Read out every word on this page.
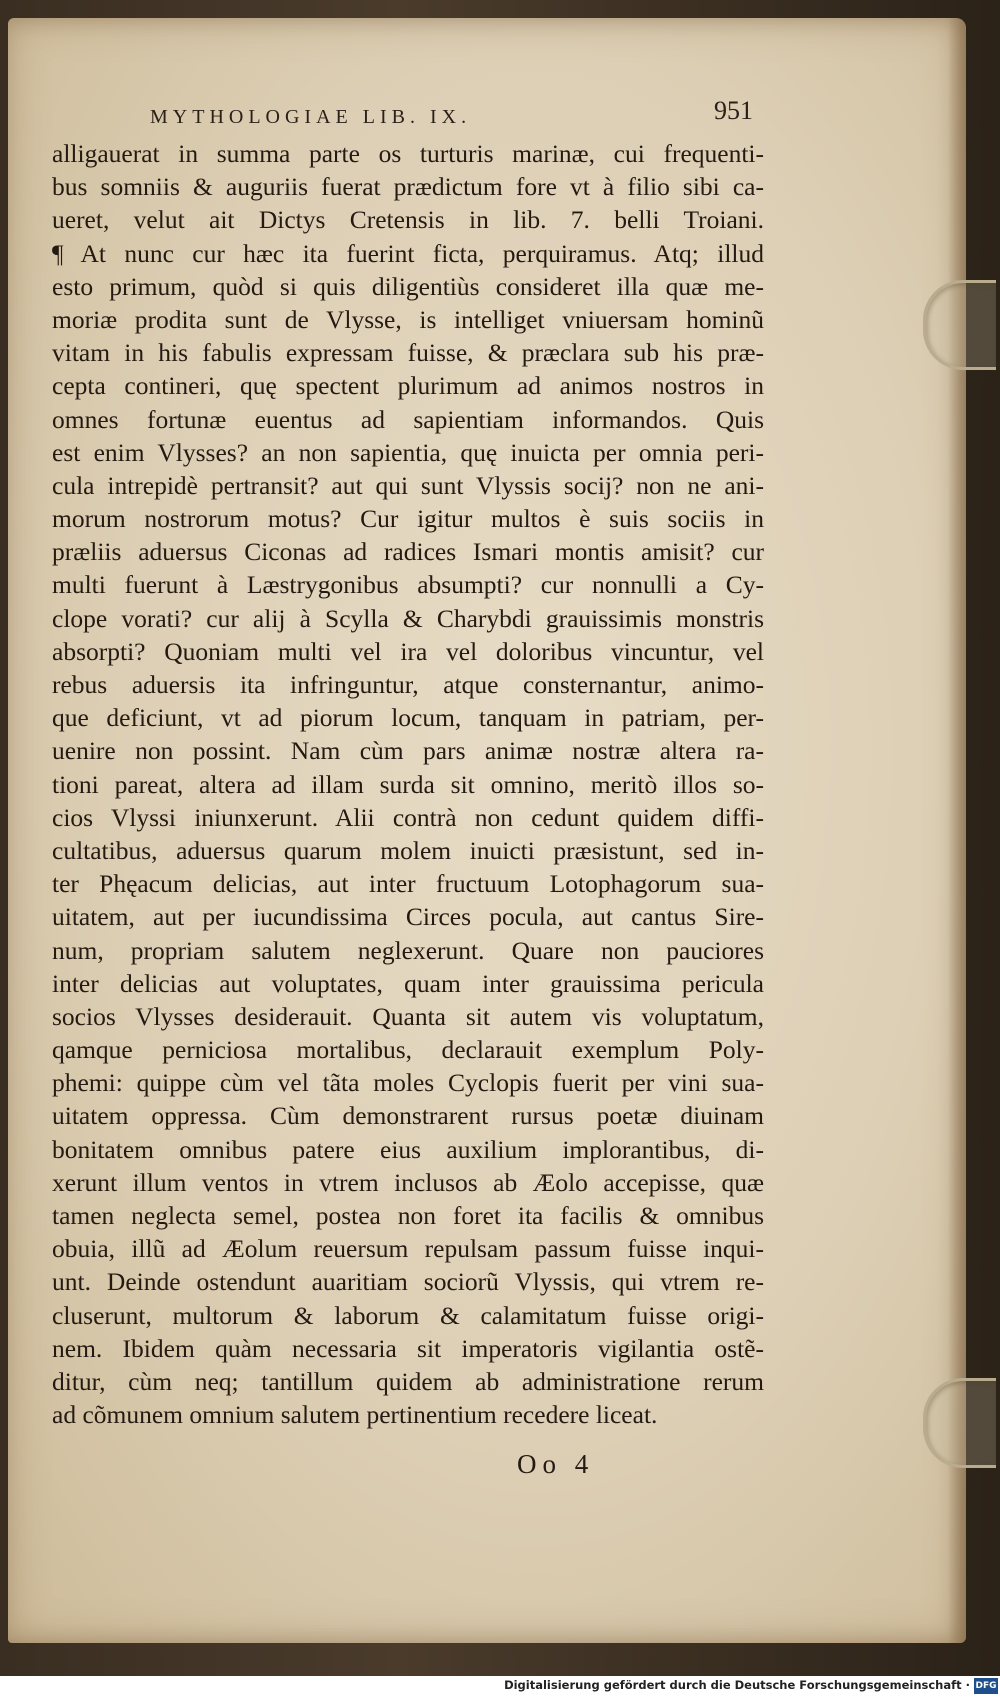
MYTHOLOGIAE LIB. IX.	951
alligauerat in summa parte os turturis marinæ, cui frequenti-
bus somniis & auguriis fuerat prædictum fore vt à filio sibi ca-
ueret, velut ait Dictys Cretensis in lib. 7. belli Troiani.
¶ At nunc cur hæc ita fuerint ficta, perquiramus. Atq; illud
esto primum, quòd si quis diligentiùs consideret illa quæ me-
moriæ prodita sunt de Vlysse, is intelliget vniuersam hominũ
vitam in his fabulis expressam fuisse, & præclara sub his præ-
cepta contineri, quę spectent plurimum ad animos nostros in
omnes fortunæ euentus ad sapientiam informandos. Quis
est enim Vlysses? an non sapientia, quę inuicta per omnia peri-
cula intrepidè pertransit? aut qui sunt Vlyssis socij? non ne ani-
morum nostrorum motus? Cur igitur multos è suis sociis in
præliis aduersus Ciconas ad radices Ismari montis amisit? cur
multi fuerunt à Læstrygonibus absumpti? cur nonnulli a Cy-
clope vorati? cur alij à Scylla & Charybdi grauissimis monstris
absorpti? Quoniam multi vel ira vel doloribus vincuntur, vel
rebus aduersis ita infringuntur, atque consternantur, animo-
que deficiunt, vt ad piorum locum, tanquam in patriam, per-
uenire non possint. Nam cùm pars animæ nostræ altera ra-
tioni pareat, altera ad illam surda sit omnino, meritò illos so-
cios Vlyssi iniunxerunt. Alii contrà non cedunt quidem diffi-
cultatibus, aduersus quarum molem inuicti præsistunt, sed in-
ter Phęacum delicias, aut inter fructuum Lotophagorum sua-
uitatem, aut per iucundissima Circes pocula, aut cantus Sire-
num, propriam salutem neglexerunt. Quare non pauciores
inter delicias aut voluptates, quam inter grauissima pericula
socios Vlysses desiderauit. Quanta sit autem vis voluptatum,
qamque perniciosa mortalibus, declarauit exemplum Poly-
phemi: quippe cùm vel tãta moles Cyclopis fuerit per vini sua-
uitatem oppressa. Cùm demonstrarent rursus poetæ diuinam
bonitatem omnibus patere eius auxilium implorantibus, di-
xerunt illum ventos in vtrem inclusos ab Æolo accepisse, quæ
tamen neglecta semel, postea non foret ita facilis & omnibus
obuia, illũ ad Æolum reuersum repulsam passum fuisse inqui-
unt. Deinde ostendunt auaritiam sociorũ Vlyssis, qui vtrem re-
cluserunt, multorum & laborum & calamitatum fuisse origi-
nem. Ibidem quàm necessaria sit imperatoris vigilantia ostẽ-
ditur, cùm neq; tantillum quidem ab administratione rerum
ad cõmunem omnium salutem pertinentium recedere liceat.
Oo 4
Digitalisierung gefördert durch die Deutsche Forschungsgemeinschaft · DFG
